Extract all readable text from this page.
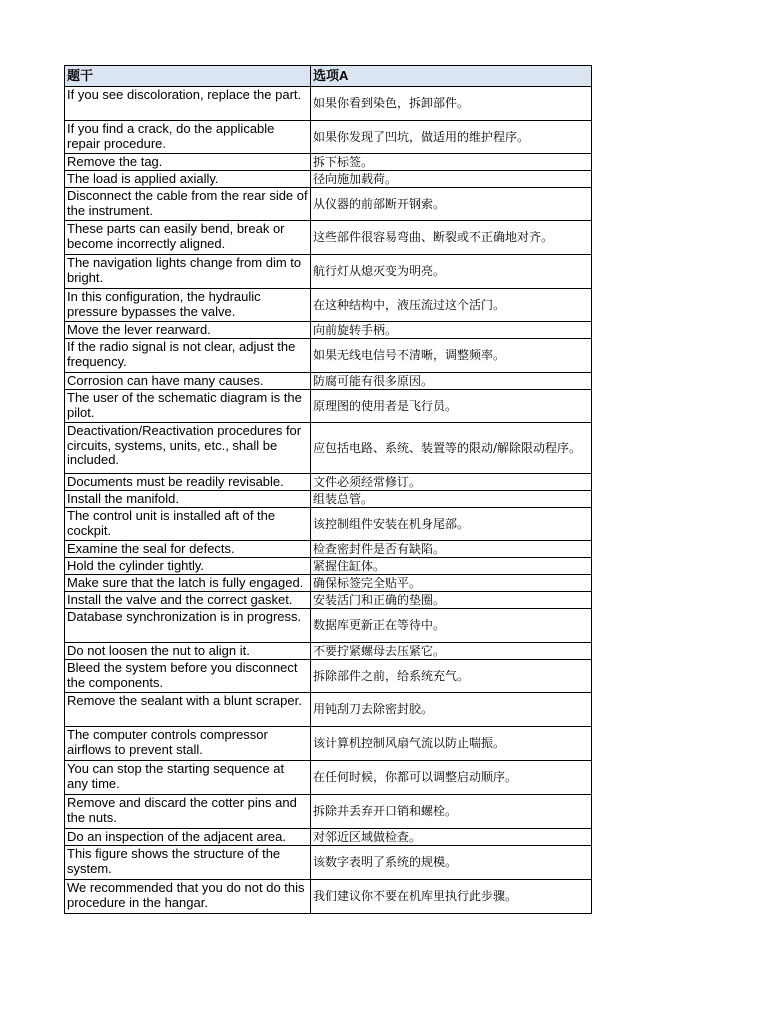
题干	选项A

If you see discoloration, replace the part.	如果你看到染色，拆卸部件。

If you find a crack, do the applicable repair procedure.	如果你发现了凹坑，做适用的维护程序。

Remove the tag.	拆下标签。

The load is applied axially.	径向施加载荷。

Disconnect the cable from the rear side of the instrument.	从仪器的前部断开钢索。

These parts can easily bend, break or become incorrectly aligned.	这些部件很容易弯曲、断裂或不正确地对齐。

The navigation lights change from dim to bright.	航行灯从熄灭变为明亮。

In this configuration, the hydraulic pressure bypasses the valve.	在这种结构中，液压流过这个活门。

Move the lever rearward.	向前旋转手柄。

If the radio signal is not clear, adjust the frequency.	如果无线电信号不清晰，调整频率。

Corrosion can have many causes.	防腐可能有很多原因。

The user of the schematic diagram is the pilot.	原理图的使用者是飞行员。

Deactivation/Reactivation procedures for circuits, systems, units, etc., shall be included.	应包括电路、系统、装置等的限动/解除限动程序。

Documents must be readily revisable.	文件必须经常修订。

Install the manifold.	组装总管。

The control unit is installed aft of the cockpit.	该控制组件安装在机身尾部。

Examine the seal for defects.	检查密封件是否有缺陷。

Hold the cylinder tightly.	紧握住缸体。

Make sure that the latch is fully engaged.	确保标签完全贴平。

Install the valve and the correct gasket.	安装活门和正确的垫圈。

Database synchronization is in progress.	数据库更新正在等待中。

Do not loosen the nut to align it.	不要拧紧螺母去压紧它。

Bleed the system before you disconnect the components.	拆除部件之前，给系统充气。

Remove the sealant with a blunt scraper.	用钝刮刀去除密封胶。

The computer controls compressor airflows to prevent stall.	该计算机控制风扇气流以防止喘振。

You can stop the starting sequence at any time.	在任何时候，你都可以调整启动顺序。

Remove and discard the cotter pins and the nuts.	拆除并丢弃开口销和螺栓。

Do an inspection of the adjacent area.	对邻近区域做检查。

This figure shows the structure of the system.	该数字表明了系统的规模。

We recommended that you do not do this procedure in the hangar.	我们建议你不要在机库里执行此步骤。
